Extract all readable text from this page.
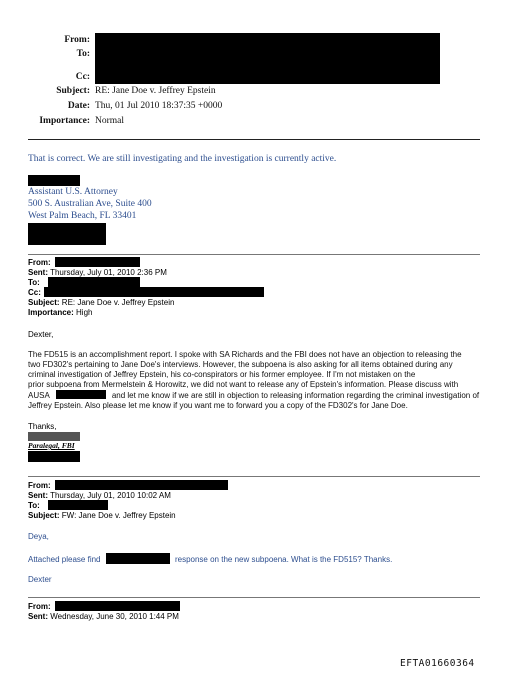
From:
To:
Cc:
Subject: RE: Jane Doe v. Jeffrey Epstein
Date: Thu, 01 Jul 2010 18:37:35 +0000
Importance: Normal
That is correct. We are still investigating and the investigation is currently active.
Assistant U.S. Attorney
500 S. Australian Ave, Suite 400
West Palm Beach, FL 33401
From:
Sent: Thursday, July 01, 2010 2:36 PM
To:
Cc:
Subject: RE: Jane Doe v. Jeffrey Epstein
Importance: High
Dexter,
The FD515 is an accomplishment report. I spoke with SA Richards and the FBI does not have an objection to releasing the
two FD302's pertaining to Jane Doe's interviews. However, the subpoena is also asking for all items obtained during any
criminal investigation of Jeffrey Epstein, his co-conspirators or his former employee. If I'm not mistaken on the
prior subpoena from Mermelstein & Horowitz, we did not want to release any of Epstein's information. Please discuss with
AUSA	and let me know if we are still in objection to releasing information regarding the criminal investigation of
Jeffrey Epstein. Also please let me know if you want me to forward you a copy of the FD302's for Jane Doe.
Thanks,
Paralegal, FBI
From:
Sent: Thursday, July 01, 2010 10:02 AM
To:
Subject: FW: Jane Doe v. Jeffrey Epstein
Deya,
Attached please find	response on the new subpoena. What is the FD515? Thanks.
Dexter
From:
Sent: Wednesday, June 30, 2010 1:44 PM
EFTA01660364
